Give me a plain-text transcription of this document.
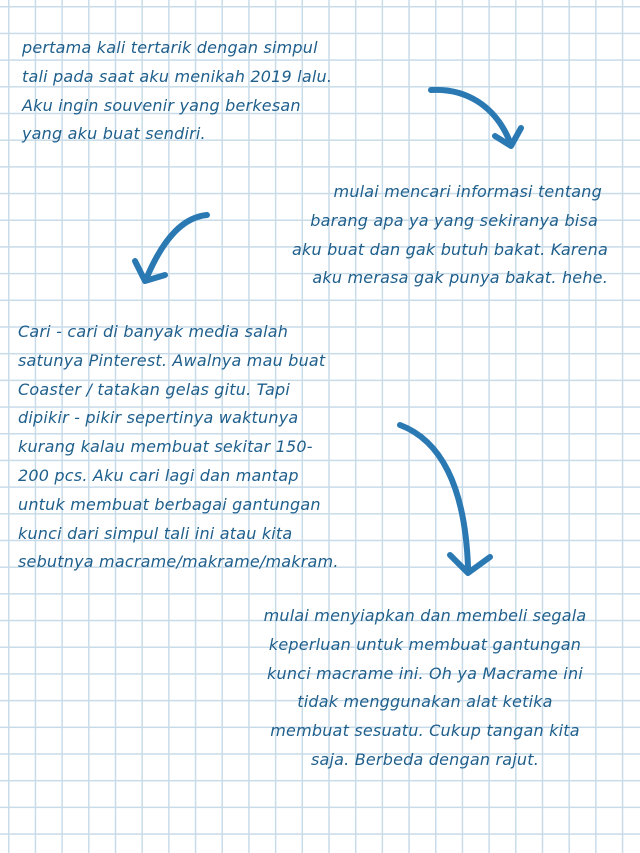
pertama kali tertarik dengan simpul
tali pada saat aku menikah 2019 lalu.
Aku ingin souvenir yang berkesan
yang aku buat sendiri.
mulai mencari informasi tentang
barang apa ya yang sekiranya bisa
aku buat dan gak butuh bakat. Karena
aku merasa gak punya bakat. hehe.
Cari - cari di banyak media salah
satunya Pinterest. Awalnya mau buat
Coaster / tatakan gelas gitu. Tapi
dipikir - pikir sepertinya waktunya
kurang kalau membuat sekitar 150-
200 pcs. Aku cari lagi dan mantap
untuk membuat berbagai gantungan
kunci dari simpul tali ini atau kita
sebutnya macrame/makrame/makram.
mulai menyiapkan dan membeli segala
keperluan untuk membuat gantungan
kunci macrame ini. Oh ya Macrame ini
tidak menggunakan alat ketika
membuat sesuatu. Cukup tangan kita
saja. Berbeda dengan rajut.
